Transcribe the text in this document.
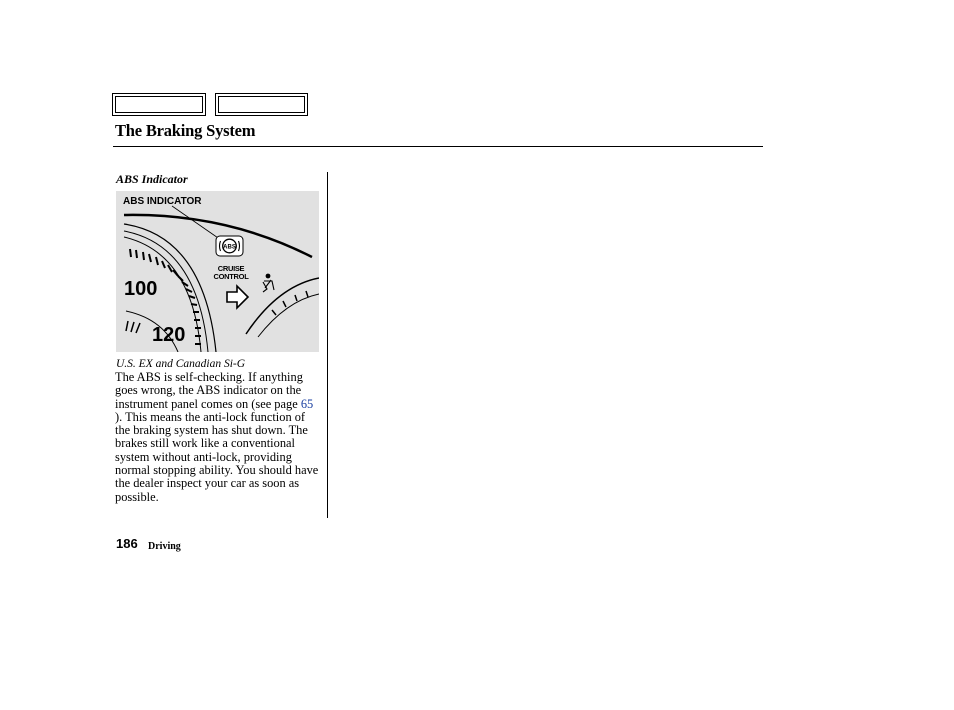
The Braking System
ABS Indicator
100
120
ABS
CRUISE
CONTROL
ABS INDICATOR
U.S. EX and Canadian Si-G

The ABS is self-checking. If anything goes wrong, the ABS indicator on the instrument panel comes on (see page 65 ). This means the anti-lock function of the braking system has shut down. The brakes still work like a conventional system without anti-lock, providing normal stopping ability. You should have the dealer inspect your car as soon as possible.

186 Driving
